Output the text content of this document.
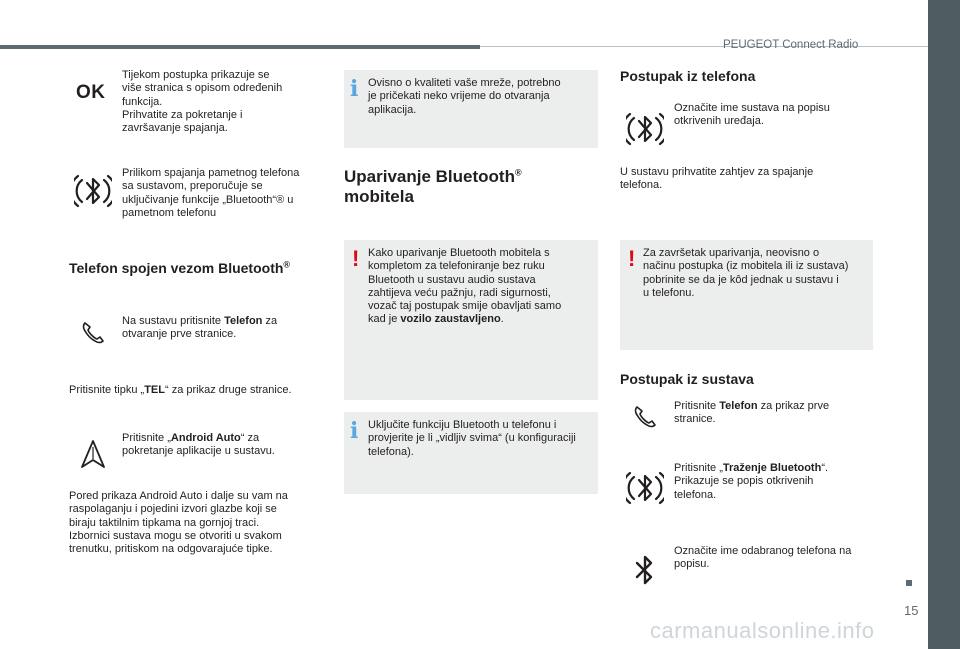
PEUGEOT Connect Radio
15
carmanualsonline.info
OK
Tijekom postupka prikazuje se
više stranica s opisom određenih
funkcija.
Prihvatite za pokretanje i
završavanje spajanja.
Prilikom spajanja pametnog telefona
sa sustavom, preporučuje se
uključivanje funkcije „Bluetooth“® u
pametnom telefonu
Telefon spojen vezom Bluetooth®
Na sustavu pritisnite Telefon za
otvaranje prve stranice.
Pritisnite tipku „TEL“ za prikaz druge stranice.
Pritisnite „Android Auto“ za
pokretanje aplikacije u sustavu.
Pored prikaza Android Auto i dalje su vam na
raspolaganju i pojedini izvori glazbe koji se
biraju taktilnim tipkama na gornjoj traci.
Izbornici sustava mogu se otvoriti u svakom
trenutku, pritiskom na odgovarajuće tipke.
i Ovisno o kvaliteti vaše mreže, potrebno
je pričekati neko vrijeme do otvaranja
aplikacija.
Uparivanje Bluetooth®
mobitela
! Kako uparivanje Bluetooth mobitela s
kompletom za telefoniranje bez ruku
Bluetooth u sustavu audio sustava
zahtijeva veću pažnju, radi sigurnosti,
vozač taj postupak smije obavljati samo
kad je vozilo zaustavljeno.
i Uključite funkciju Bluetooth u telefonu i
provjerite je li „vidljiv svima“ (u konfiguraciji
telefona).
Postupak iz telefona
Označite ime sustava na popisu
otkrivenih uređaja.
U sustavu prihvatite zahtjev za spajanje
telefona.
! Za završetak uparivanja, neovisno o
načinu postupka (iz mobitela ili iz sustava)
pobrinite se da je kôd jednak u sustavu i
u telefonu.
Postupak iz sustava
Pritisnite Telefon za prikaz prve
stranice.
Pritisnite „Traženje Bluetooth“.
Prikazuje se popis otkrivenih
telefona.
Označite ime odabranog telefona na
popisu.
